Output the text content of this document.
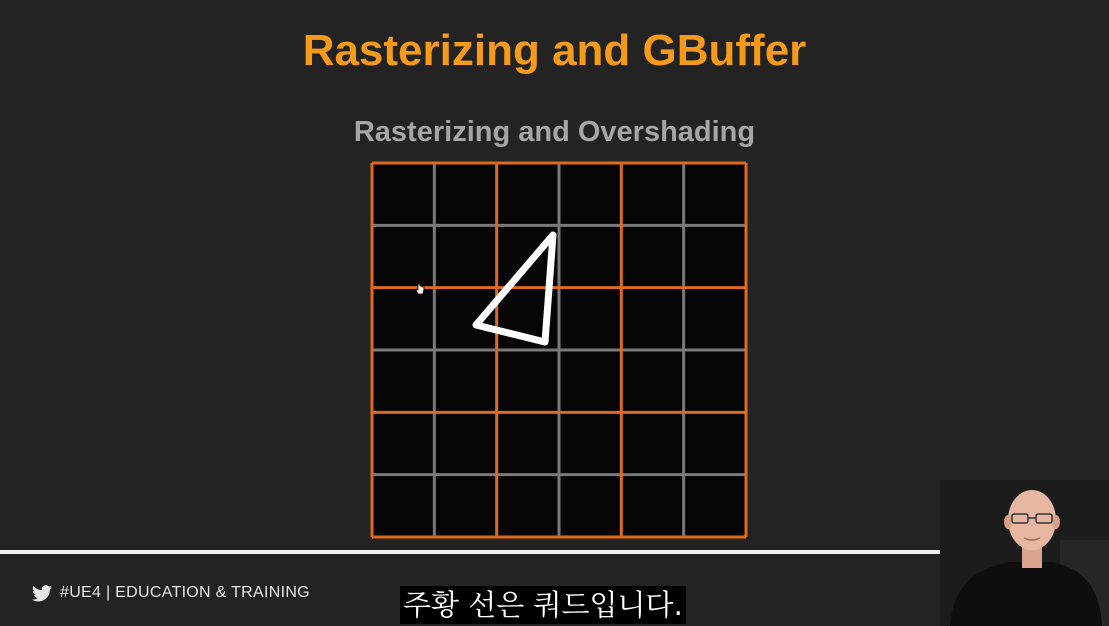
Rasterizing and GBuffer
Rasterizing and Overshading
#UE4 | EDUCATION & TRAINING	주황 선은 쿼드입니다.
